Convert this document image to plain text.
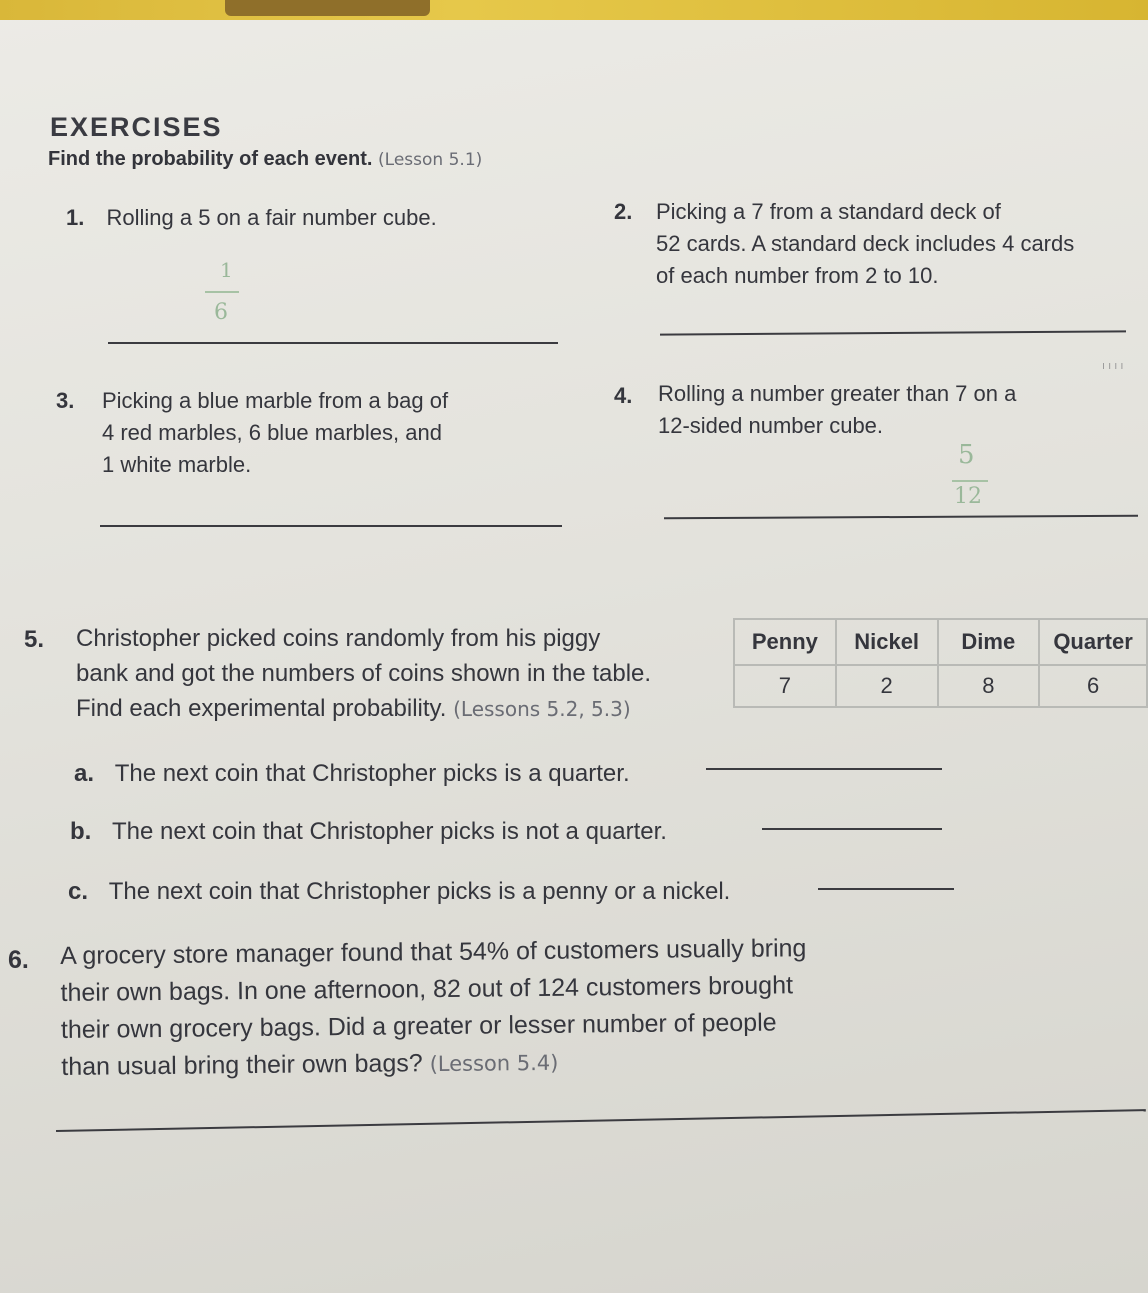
EXERCISES
Find the probability of each event. (Lesson 5.1)
1. Rolling a 5 on a fair number cube.
1
6
2. Picking a 7 from a standard deck of
52 cards. A standard deck includes 4 cards
of each number from 2 to 10.
ı ı ı ı
3. Picking a blue marble from a bag of
4 red marbles, 6 blue marbles, and
1 white marble.
4. Rolling a number greater than 7 on a
12-sided number cube.
5
12
5. Christopher picked coins randomly from his piggy
bank and got the numbers of coins shown in the table.
Find each experimental probability. (Lessons 5.2, 5.3)
Penny	Nickel	Dime	Quarter
7	2	8	6
a. The next coin that Christopher picks is a quarter.
b. The next coin that Christopher picks is not a quarter.
c. The next coin that Christopher picks is a penny or a nickel.
6. A grocery store manager found that 54% of customers usually bring
their own bags. In one afternoon, 82 out of 124 customers brought
their own grocery bags. Did a greater or lesser number of people
than usual bring their own bags? (Lesson 5.4)
